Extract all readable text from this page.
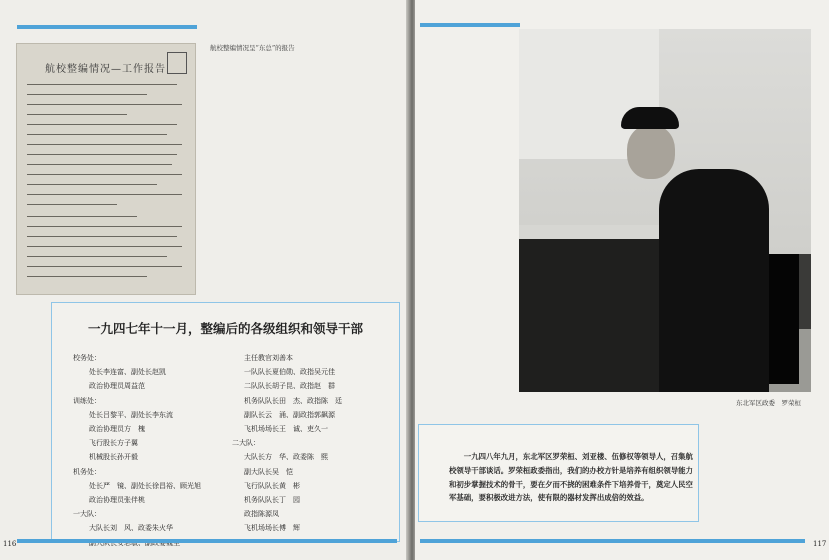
航校整编情况—工作报告
航校整编情况呈“东总”的报告
一九四七年十一月，整编后的各级组织和领导干部
校务处：
处长李连富、副处长赵凯
政治协理员周益范
训练处：
处长吕黎平、副处长李东流
政治协理员方　槐
飞行股长方子翼
机械股长孙开毅
机务处：
处长严　镜、副处长徐昌裕、顾光旭
政治协理员张伴桃
一大队：
大队长刘　风、政委朱火华
主任教官刘善本
一队队长夏伯勋、政指吴元佳
二队队长胡子昆、政指赵　群
机务队队长田　杰、政指陈　廷
副队长云　涌、副政指郭飙源
飞机场场长王　诚、吏久一
二大队：
大队长方　华、政委陈　熙
副大队长吴　恺
飞行队队长黄　彬
机务队队长丁　园
政指陈源凤
飞机场场长傅　辉
116
东北军区政委　罗荣桓

一九四八年九月，东北军区罗荣桓、刘亚楼、伍修权等领导人，召集航校领导干部谈话。罗荣桓政委指出，我们的办校方针是培养有组织领导能力和初步掌握技术的骨干，要在夕而不挠的困难条件下培养骨干，奠定人民空军基础，要积极改进方法，使有限的器材发挥出成倍的效益。

117
